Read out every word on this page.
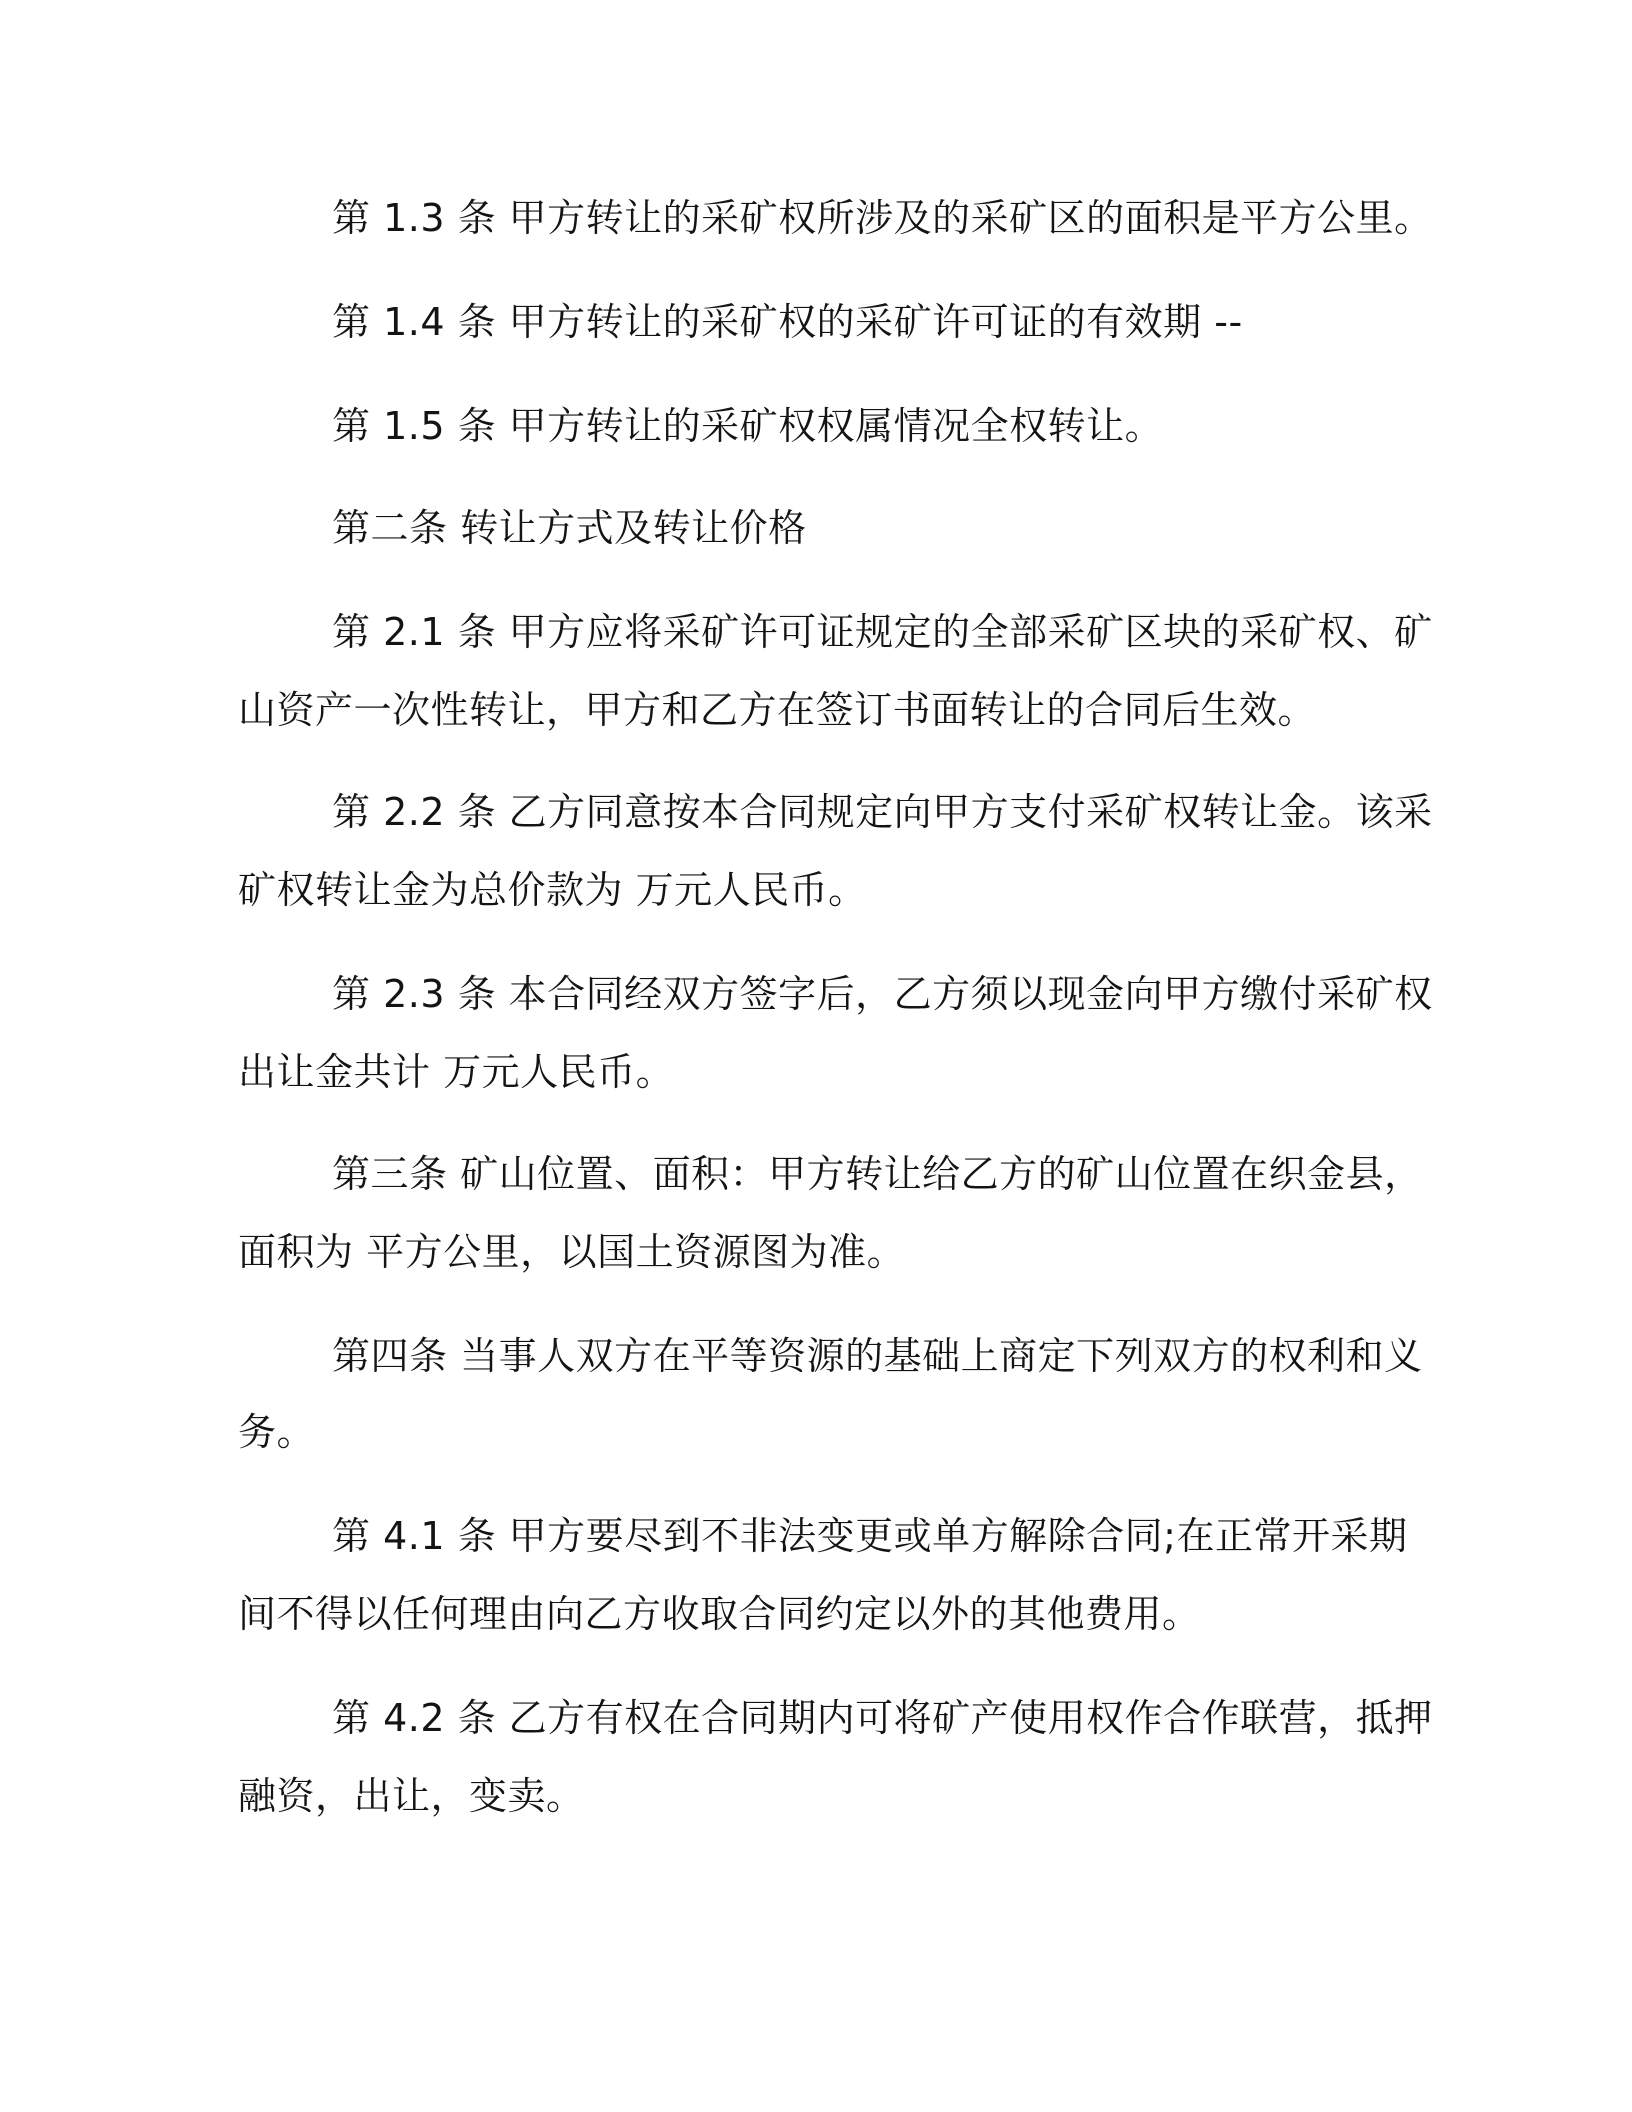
第 1.3 条 甲方转让的采矿权所涉及的采矿区的面积是平方公里。
第 1.4 条 甲方转让的采矿权的采矿许可证的有效期 --
第 1.5 条 甲方转让的采矿权权属情况全权转让。
第二条 转让方式及转让价格
第 2.1 条 甲方应将采矿许可证规定的全部采矿区块的采矿权、矿
山资产一次性转让，甲方和乙方在签订书面转让的合同后生效。
第 2.2 条 乙方同意按本合同规定向甲方支付采矿权转让金。该采
矿权转让金为总价款为 万元人民币。
第 2.3 条 本合同经双方签字后，乙方须以现金向甲方缴付采矿权
出让金共计 万元人民币。
第三条 矿山位置、面积：甲方转让给乙方的矿山位置在织金县，
面积为 平方公里，以国土资源图为准。
第四条 当事人双方在平等资源的基础上商定下列双方的权利和义
务。
第 4.1 条 甲方要尽到不非法变更或单方解除合同;在正常开采期
间不得以任何理由向乙方收取合同约定以外的其他费用。
第 4.2 条 乙方有权在合同期内可将矿产使用权作合作联营，抵押
融资，出让，变卖。
